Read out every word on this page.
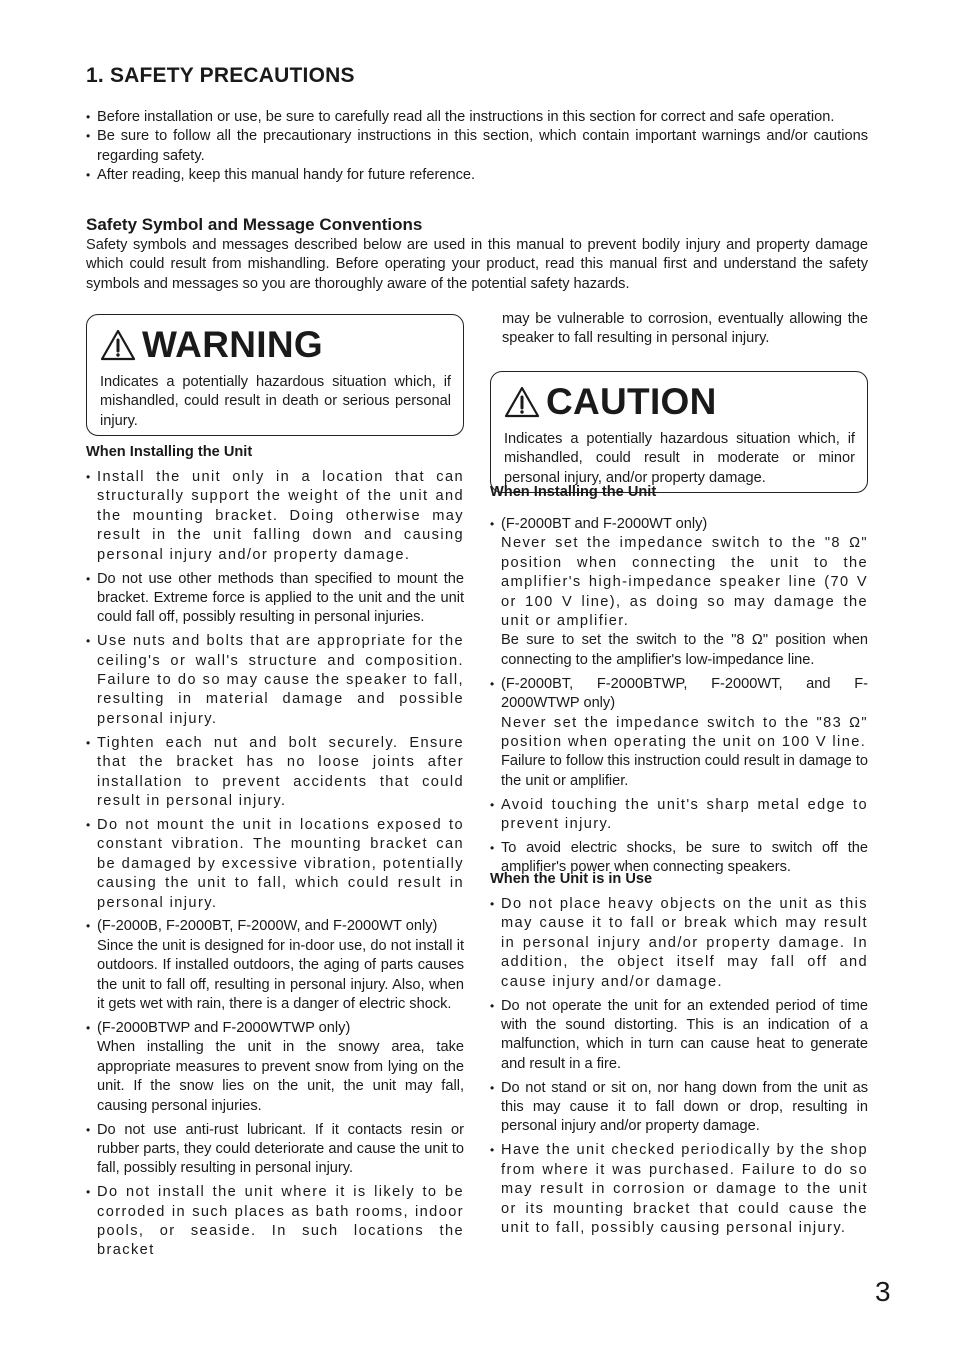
1. SAFETY PRECAUTIONS
• Before installation or use, be sure to carefully read all the instructions in this section for correct and safe operation.
• Be sure to follow all the precautionary instructions in this section, which contain important warnings and/or cautions regarding safety.
• After reading, keep this manual handy for future reference.
Safety Symbol and Message Conventions

Safety symbols and messages described below are used in this manual to prevent bodily injury and property damage which could result from mishandling. Before operating your product, read this manual first and understand the safety symbols and messages so you are thoroughly aware of the potential safety hazards.

WARNING

Indicates a potentially hazardous situation which, if mishandled, could result in death or serious personal injury.

When Installing the Unit
• Install the unit only in a location that can structurally support the weight of the unit and the mounting bracket. Doing otherwise may result in the unit falling down and causing personal injury and/or property damage.
• Do not use other methods than specified to mount the bracket. Extreme force is applied to the unit and the unit could fall off, possibly resulting in personal injuries.
• Use nuts and bolts that are appropriate for the ceiling's or wall's structure and composition. Failure to do so may cause the speaker to fall, resulting in material damage and possible personal injury.
• Tighten each nut and bolt securely. Ensure that the bracket has no loose joints after installation to prevent accidents that could result in personal injury.
• Do not mount the unit in locations exposed to constant vibration. The mounting bracket can be damaged by excessive vibration, potentially causing the unit to fall, which could result in personal injury.
• (F-2000B, F-2000BT, F-2000W, and F-2000WT only)
Since the unit is designed for in-door use, do not install it outdoors. If installed outdoors, the aging of parts causes the unit to fall off, resulting in personal injury. Also, when it gets wet with rain, there is a danger of electric shock.
• (F-2000BTWP and F-2000WTWP only)
When installing the unit in the snowy area, take appropriate measures to prevent snow from lying on the unit. If the snow lies on the unit, the unit may fall, causing personal injuries.
• Do not use anti-rust lubricant. If it contacts resin or rubber parts, they could deteriorate and cause the unit to fall, possibly resulting in personal injury.
• Do not install the unit where it is likely to be corroded in such places as bath rooms, indoor pools, or seaside. In such locations the bracket

may be vulnerable to corrosion, eventually allowing the speaker to fall resulting in personal injury.

CAUTION

Indicates a potentially hazardous situation which, if mishandled, could result in moderate or minor personal injury, and/or property damage.

When Installing the Unit
• (F-2000BT and F-2000WT only)
Never set the impedance switch to the "8 Ω" position when connecting the unit to the amplifier's high-impedance speaker line (70 V or 100 V line), as doing so may damage the unit or amplifier.
Be sure to set the switch to the "8 Ω" position when connecting to the amplifier's low-impedance line.
• (F-2000BT, F-2000BTWP, F-2000WT, and F-2000WTWP only)
Never set the impedance switch to the "83 Ω" position when operating the unit on 100 V line.
Failure to follow this instruction could result in damage to the unit or amplifier.
• Avoid touching the unit's sharp metal edge to prevent injury.
• To avoid electric shocks, be sure to switch off the amplifier's power when connecting speakers.
When the Unit is in Use
• Do not place heavy objects on the unit as this may cause it to fall or break which may result in personal injury and/or property damage. In addition, the object itself may fall off and cause injury and/or damage.
• Do not operate the unit for an extended period of time with the sound distorting. This is an indication of a malfunction, which in turn can cause heat to generate and result in a fire.
• Do not stand or sit on, nor hang down from the unit as this may cause it to fall down or drop, resulting in personal injury and/or property damage.
• Have the unit checked periodically by the shop from where it was purchased. Failure to do so may result in corrosion or damage to the unit or its mounting bracket that could cause the unit to fall, possibly causing personal injury.

3
